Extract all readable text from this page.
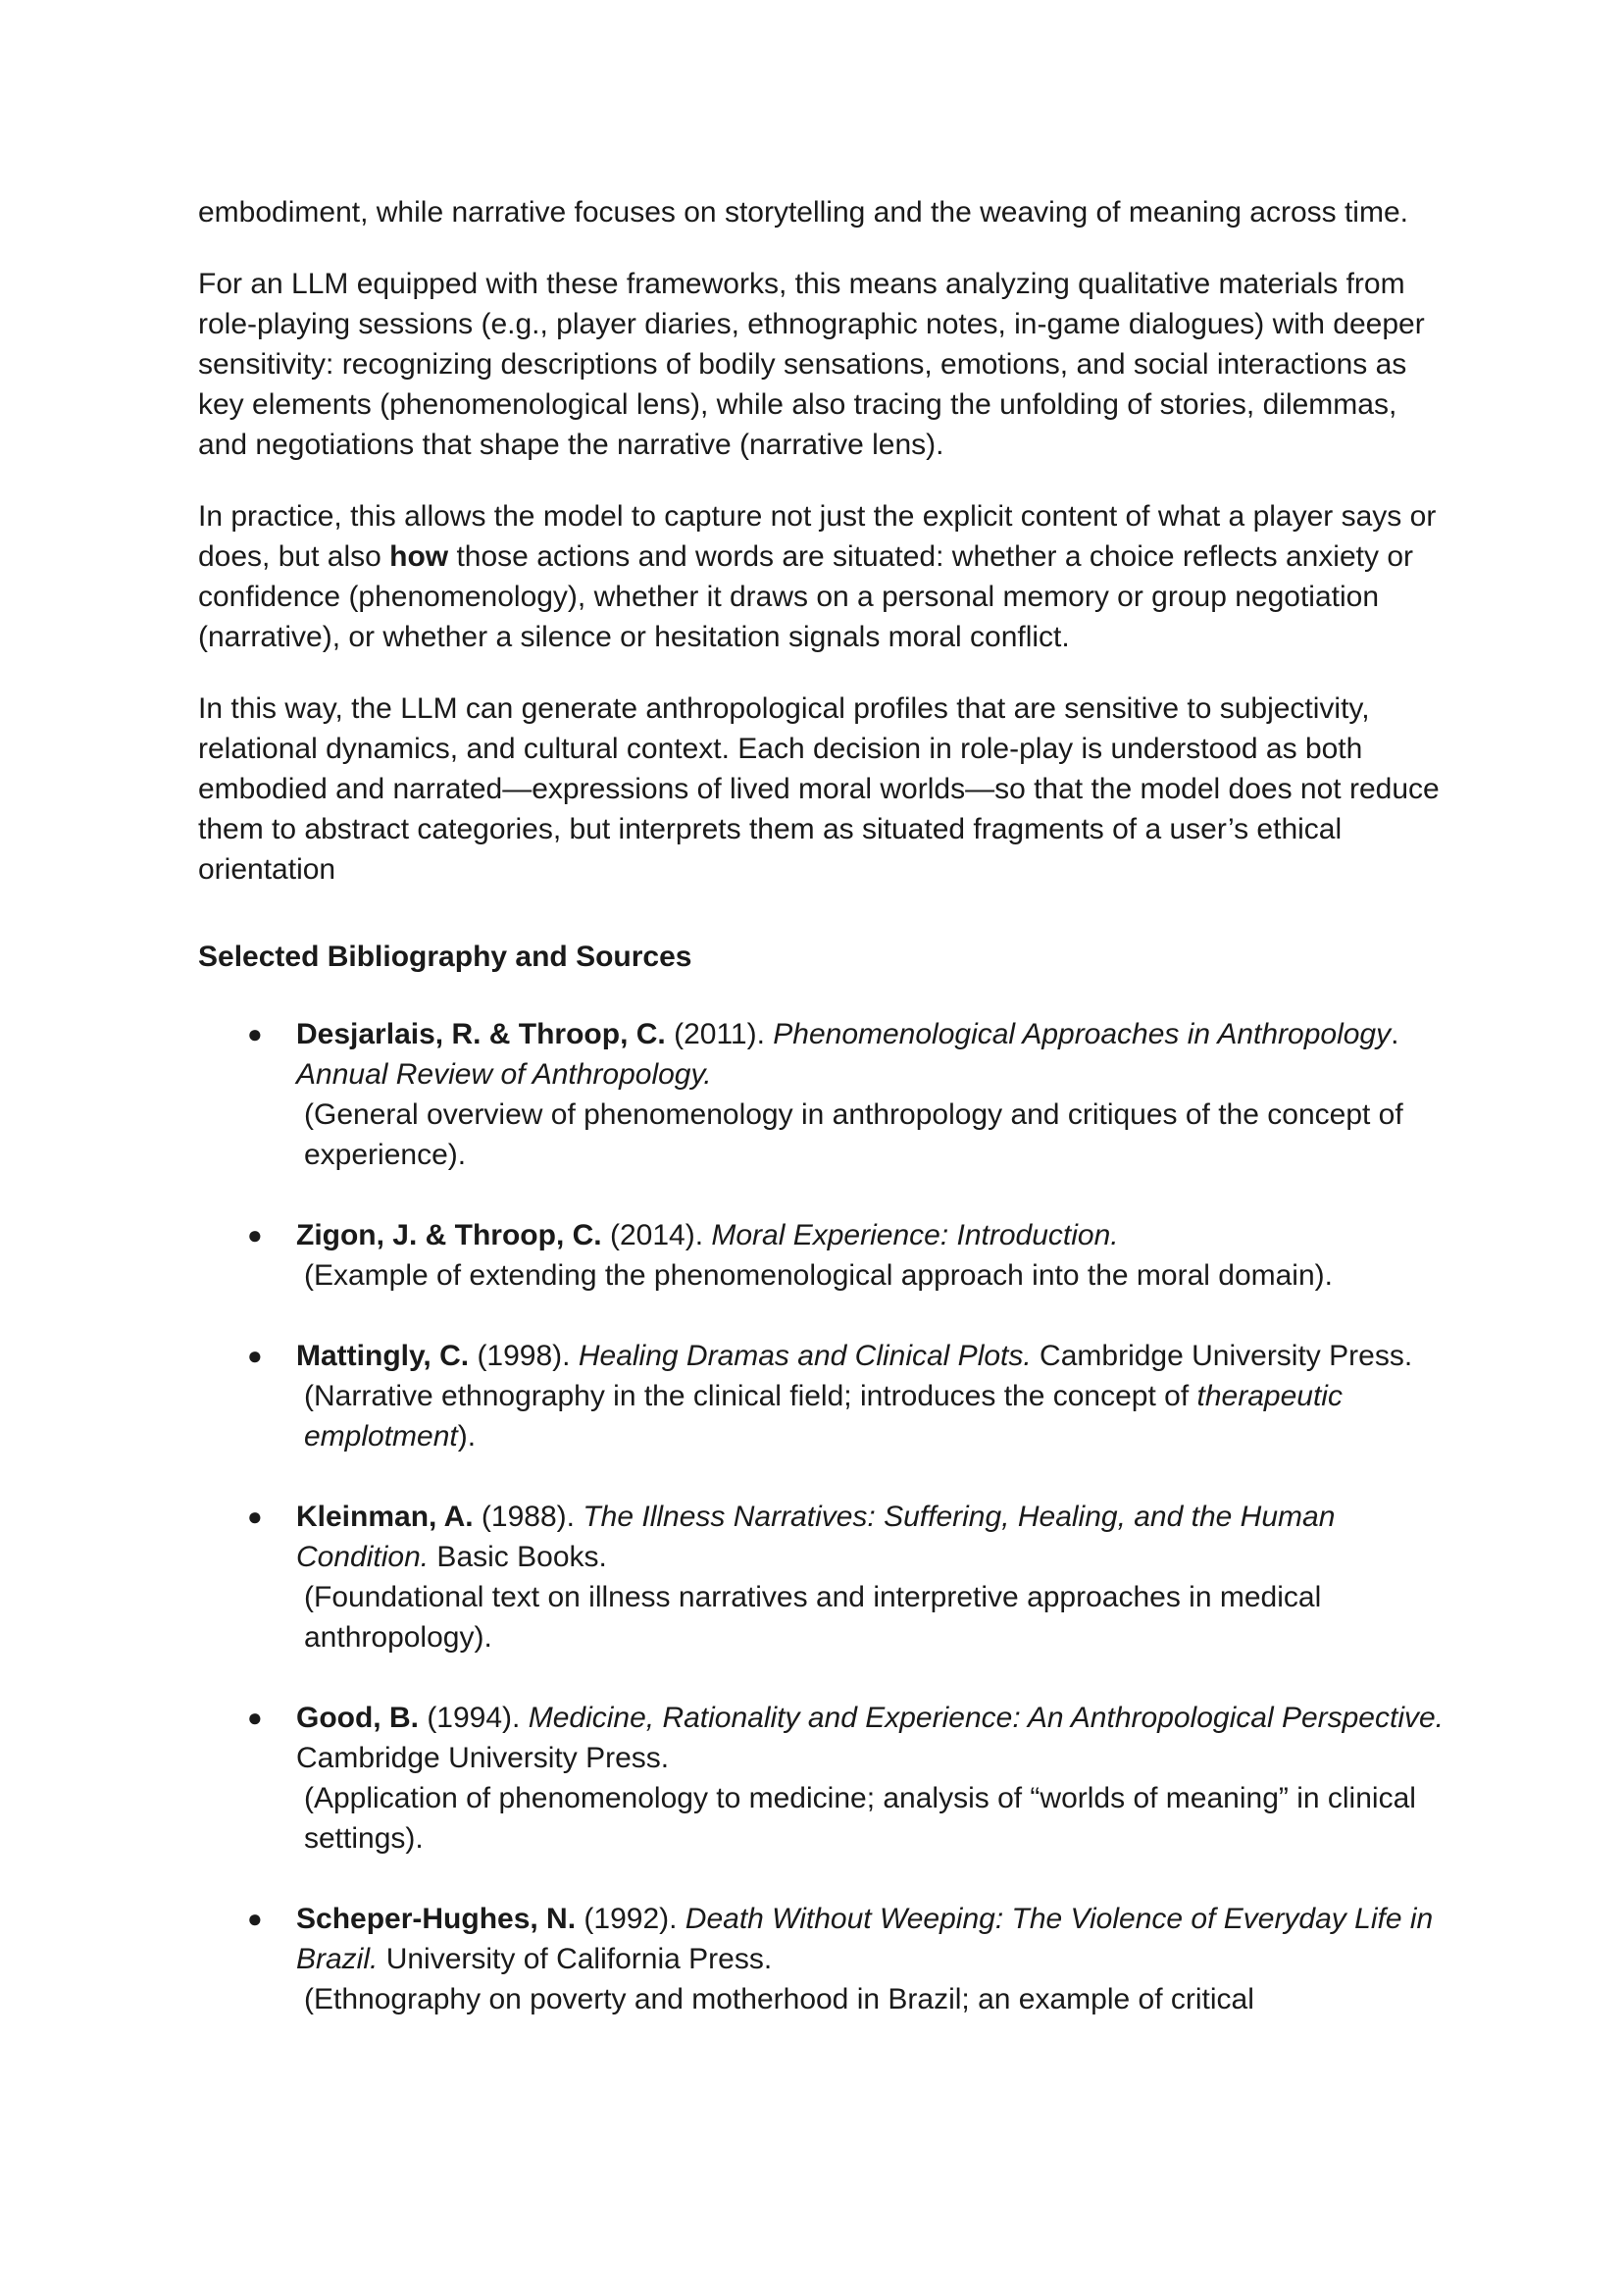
embodiment, while narrative focuses on storytelling and the weaving of meaning across time.

For an LLM equipped with these frameworks, this means analyzing qualitative materials from role-playing sessions (e.g., player diaries, ethnographic notes, in-game dialogues) with deeper sensitivity: recognizing descriptions of bodily sensations, emotions, and social interactions as key elements (phenomenological lens), while also tracing the unfolding of stories, dilemmas, and negotiations that shape the narrative (narrative lens).

In practice, this allows the model to capture not just the explicit content of what a player says or does, but also how those actions and words are situated: whether a choice reflects anxiety or confidence (phenomenology), whether it draws on a personal memory or group negotiation (narrative), or whether a silence or hesitation signals moral conflict.

In this way, the LLM can generate anthropological profiles that are sensitive to subjectivity, relational dynamics, and cultural context. Each decision in role-play is understood as both embodied and narrated—expressions of lived moral worlds—so that the model does not reduce them to abstract categories, but interprets them as situated fragments of a user’s ethical orientation

Selected Bibliography and Sources
● Desjarlais, R. & Throop, C. (2011). Phenomenological Approaches in Anthropology. Annual Review of Anthropology.
(General overview of phenomenology in anthropology and critiques of the concept of experience).
● Zigon, J. & Throop, C. (2014). Moral Experience: Introduction.
(Example of extending the phenomenological approach into the moral domain).
● Mattingly, C. (1998). Healing Dramas and Clinical Plots. Cambridge University Press.
(Narrative ethnography in the clinical field; introduces the concept of therapeutic emplotment).
● Kleinman, A. (1988). The Illness Narratives: Suffering, Healing, and the Human Condition. Basic Books.
(Foundational text on illness narratives and interpretive approaches in medical anthropology).
● Good, B. (1994). Medicine, Rationality and Experience: An Anthropological Perspective. Cambridge University Press.
(Application of phenomenology to medicine; analysis of “worlds of meaning” in clinical settings).
● Scheper-Hughes, N. (1992). Death Without Weeping: The Violence of Everyday Life in Brazil. University of California Press.
(Ethnography on poverty and motherhood in Brazil; an example of critical
